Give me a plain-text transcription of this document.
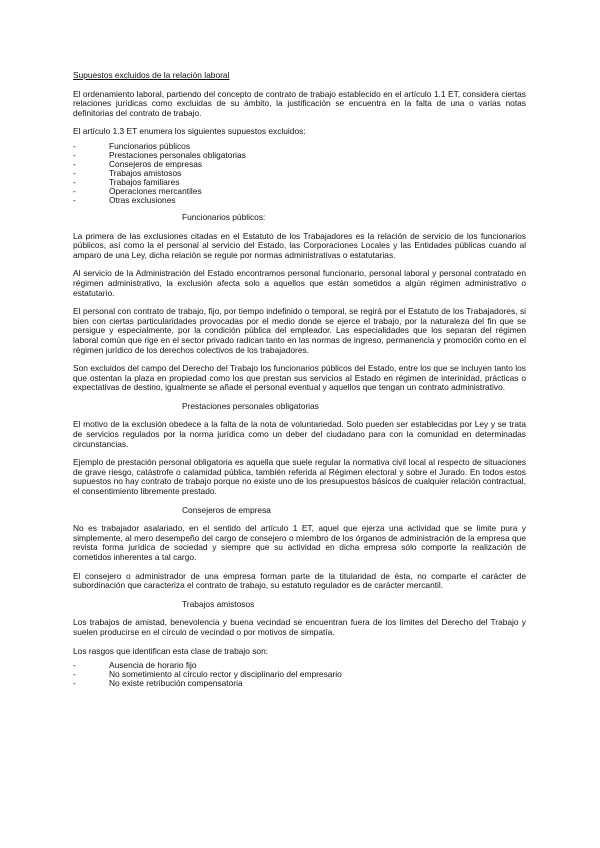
Supuestos excluidos de la relación laboral

El ordenamiento laboral, partiendo del concepto de contrato de trabajo establecido en el artículo 1.1 ET, considera ciertas relaciones jurídicas como excluidas de su ámbito, la justificación se encuentra en la falta de una o varias notas definitorias del contrato de trabajo.

El artículo 1.3 ET enumera los siguientes supuestos excluidos:

-	Funcionarios públicos
-	Prestaciones personales obligatorias
-	Consejeros de empresas
-	Trabajos amistosos
-	Trabajos familiares
-	Operaciones mercantiles
-	Otras exclusiones
Funcionarios públicos:

La primera de las exclusiones citadas en el Estatuto de los Trabajadores es la relación de servicio de los funcionarios públicos, así como la el personal al servicio del Estado, las Corporaciones Locales y las Entidades públicas cuando al amparo de una Ley, dicha relación se regule por normas administrativas o estatutarias.

Al servicio de la Administración del Estado encontramos personal funcionario, personal laboral y personal contratado en régimen administrativo, la exclusión afecta solo a aquellos que están sometidos a algún régimen administrativo o estatutario.

El personal con contrato de trabajo, fijo, por tiempo indefinido o temporal, se regirá por el Estatuto de los Trabajadores, si bien con ciertas particularidades provocadas por el medio donde se ejerce el trabajo, por la naturaleza del fin que se persigue y especialmente, por la condición pública del empleador. Las especialidades que los separan del régimen laboral común que rige en el sector privado radican tanto en las normas de ingreso, permanencia y promoción como en el régimen jurídico de los derechos colectivos de los trabajadores.

Son excluidos del campo del Derecho del Trabajo los funcionarios públicos del Estado, entre los que se incluyen tanto los que ostentan la plaza en propiedad como los que prestan sus servicios al Estado en régimen de interinidad, prácticas o expectativas de destino, igualmente se añade el personal eventual y aquellos que tengan un contrato administrativo.

Prestaciones personales obligatorias

El motivo de la exclusión obedece a la falta de la nota de voluntariedad. Solo pueden ser establecidas por Ley y se trata de servicios regulados por la norma jurídica como un deber del ciudadano para con la comunidad en determinadas circunstancias.

Ejemplo de prestación personal obligatoria es aquella que suele regular la normativa civil local al respecto de situaciones de grave riesgo, catástrofe o calamidad pública, también referida al Régimen electoral y sobre el Jurado. En todos estos supuestos no hay contrato de trabajo porque no existe uno de los presupuestos básicos de cualquier relación contractual, el consentimiento libremente prestado.

Consejeros de empresa

No es trabajador asalariado, en el sentido del artículo 1 ET, aquel que ejerza una actividad que se limite pura y simplemente, al mero desempeño del cargo de consejero o miembro de los órganos de administración de la empresa que revista forma jurídica de sociedad y siempre que su actividad en dicha empresa sólo comporte la realización de cometidos inherentes a tal cargo.

El consejero o administrador de una empresa forman parte de la titularidad de ésta, no comparte el carácter de subordinación que caracteriza el contrato de trabajo, su estatuto regulador es de carácter mercantil.

Trabajos amistosos

Los trabajos de amistad, benevolencia y buena vecindad se encuentran fuera de los límites del Derecho del Trabajo y suelen producirse en el círculo de vecindad o por motivos de simpatía.

Los rasgos que identifican esta clase de trabajo son:

-	Ausencia de horario fijo
-	No sometimiento al círculo rector y disciplinario del empresario
-	No existe retribución compensatoria
